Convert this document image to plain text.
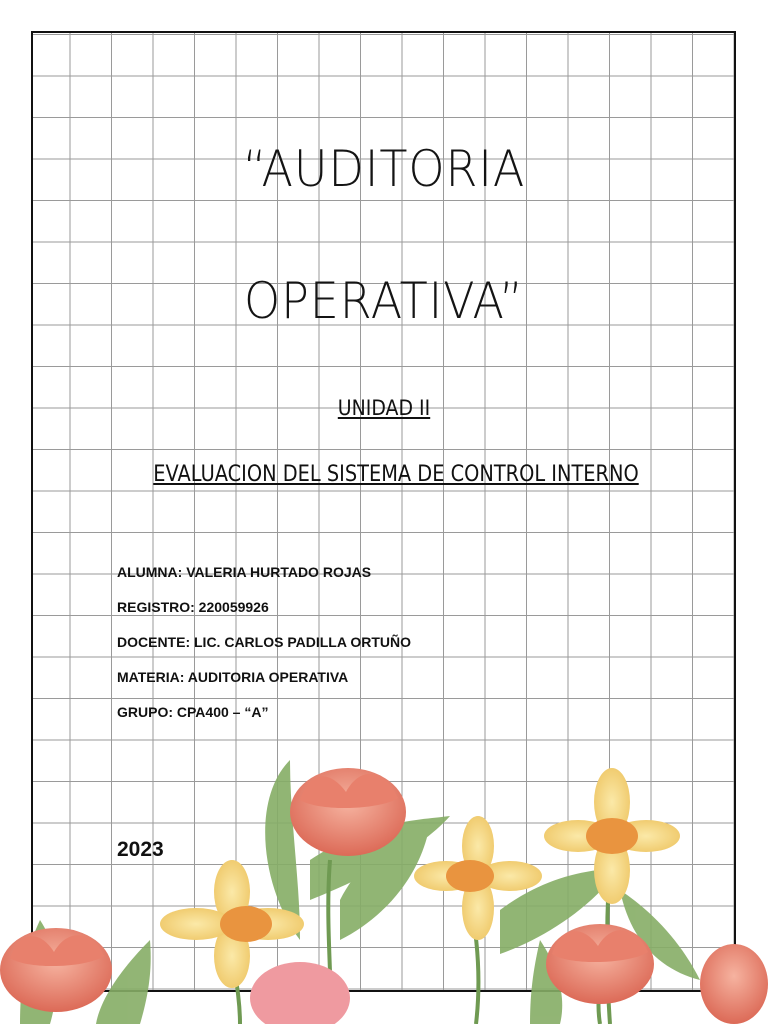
“AUDITORIA
OPERATIVA”
UNIDAD II
EVALUACION DEL SISTEMA DE CONTROL INTERNO
ALUMNA: VALERIA HURTADO ROJAS
REGISTRO: 220059926
DOCENTE: LIC. CARLOS PADILLA ORTUÑO
MATERIA: AUDITORIA OPERATIVA
GRUPO: CPA400 – “A”
2023
